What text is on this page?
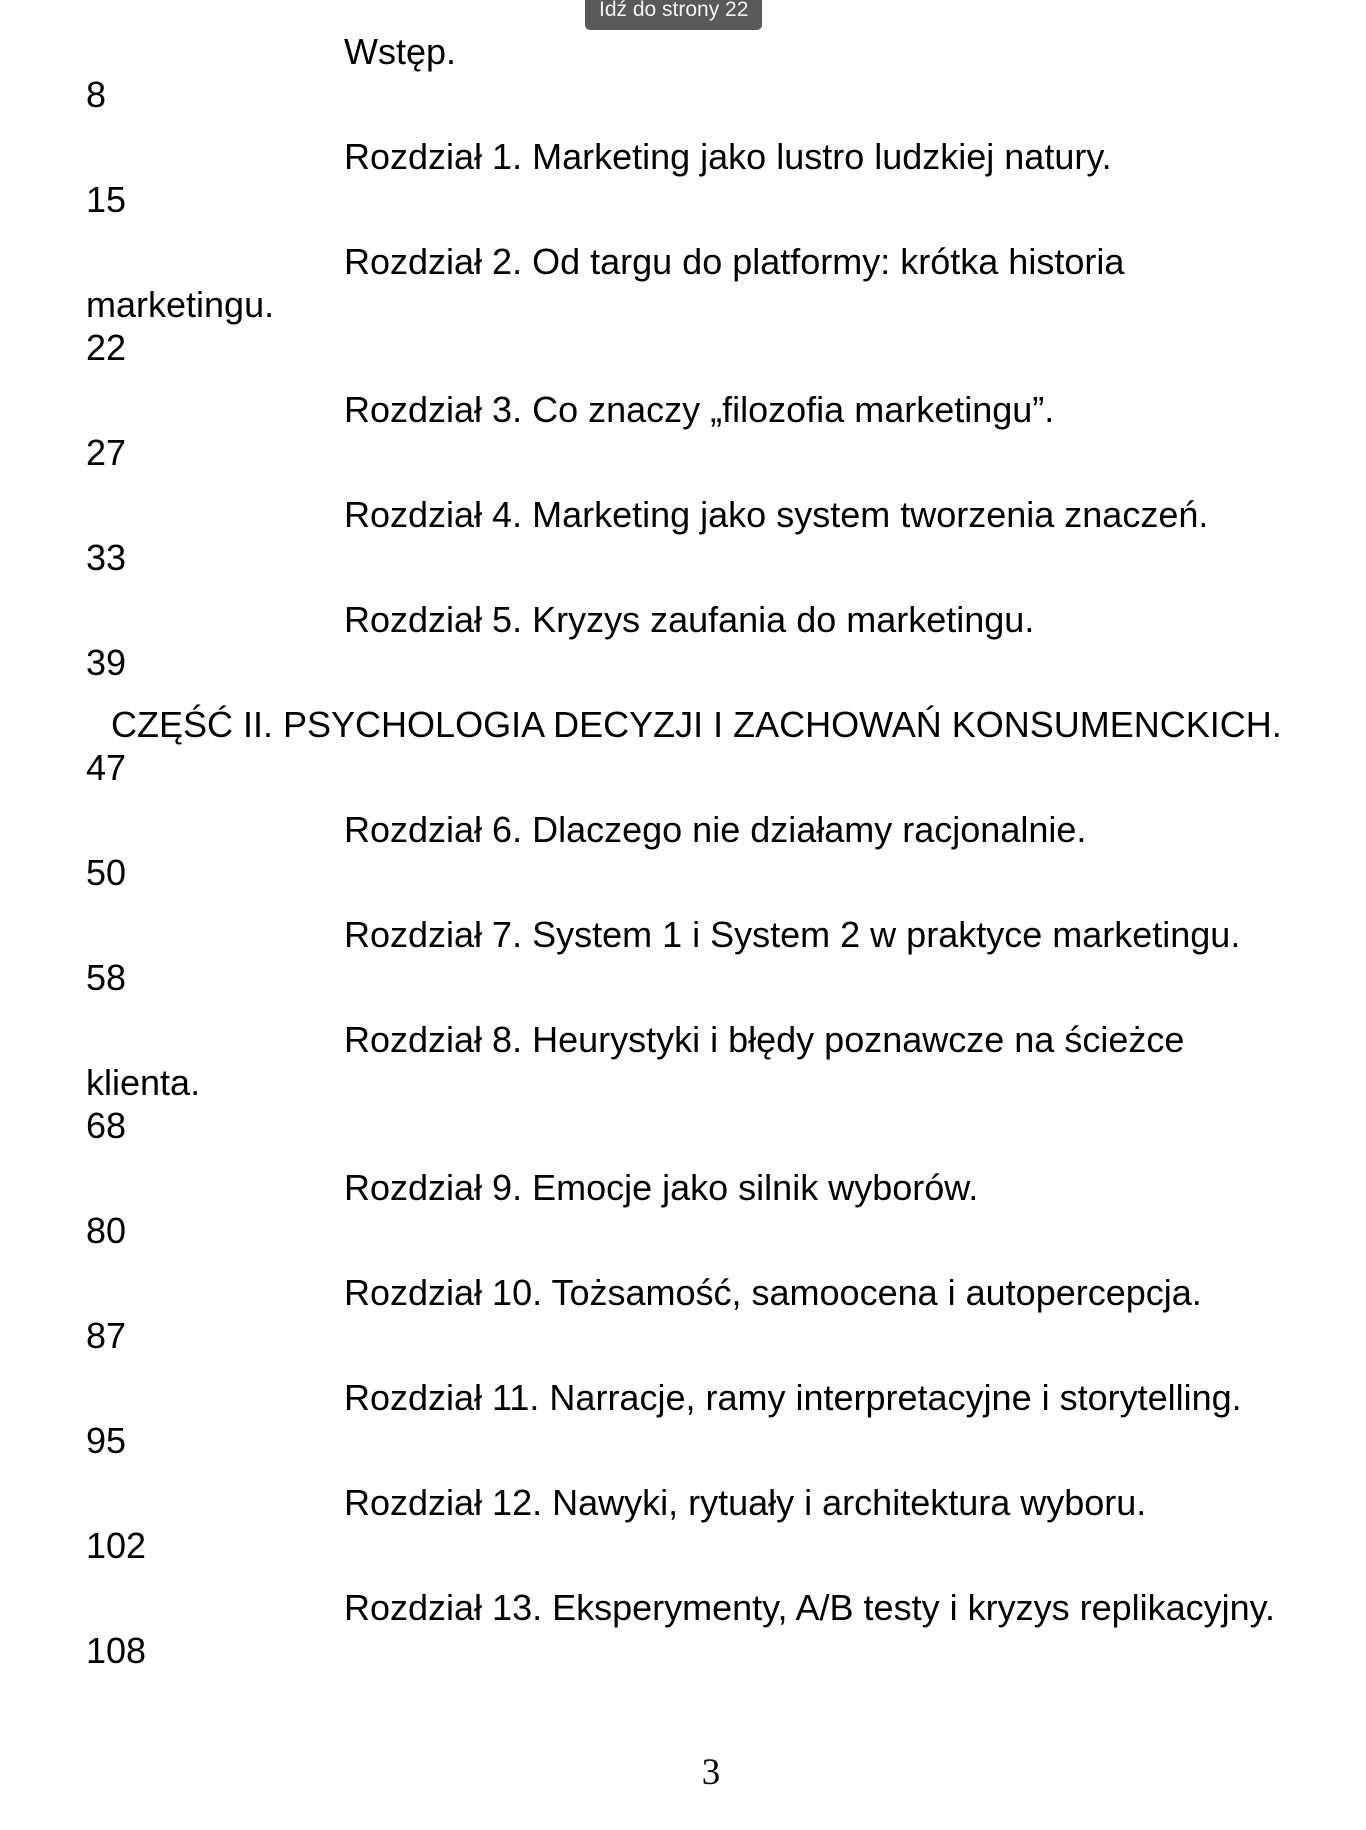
Idź do strony 22

Wstęp.
8

Rozdział 1. Marketing jako lustro ludzkiej natury.
15

Rozdział 2. Od targu do platformy: krótka historia marketingu.
22

Rozdział 3. Co znaczy „filozofia marketingu”.
27

Rozdział 4. Marketing jako system tworzenia znaczeń.
33

Rozdział 5. Kryzys zaufania do marketingu.
39

CZĘŚĆ II. PSYCHOLOGIA DECYZJI I ZACHOWAŃ KONSUMENCKICH.
47

Rozdział 6. Dlaczego nie działamy racjonalnie.
50

Rozdział 7. System 1 i System 2 w praktyce marketingu.
58

Rozdział 8. Heurystyki i błędy poznawcze na ścieżce klienta.
68

Rozdział 9. Emocje jako silnik wyborów.
80

Rozdział 10. Tożsamość, samoocena i autopercepcja.
87

Rozdział 11. Narracje, ramy interpretacyjne i storytelling.
95

Rozdział 12. Nawyki, rytuały i architektura wyboru.
102

Rozdział 13. Eksperymenty, A/B testy i kryzys replikacyjny.
108

3
